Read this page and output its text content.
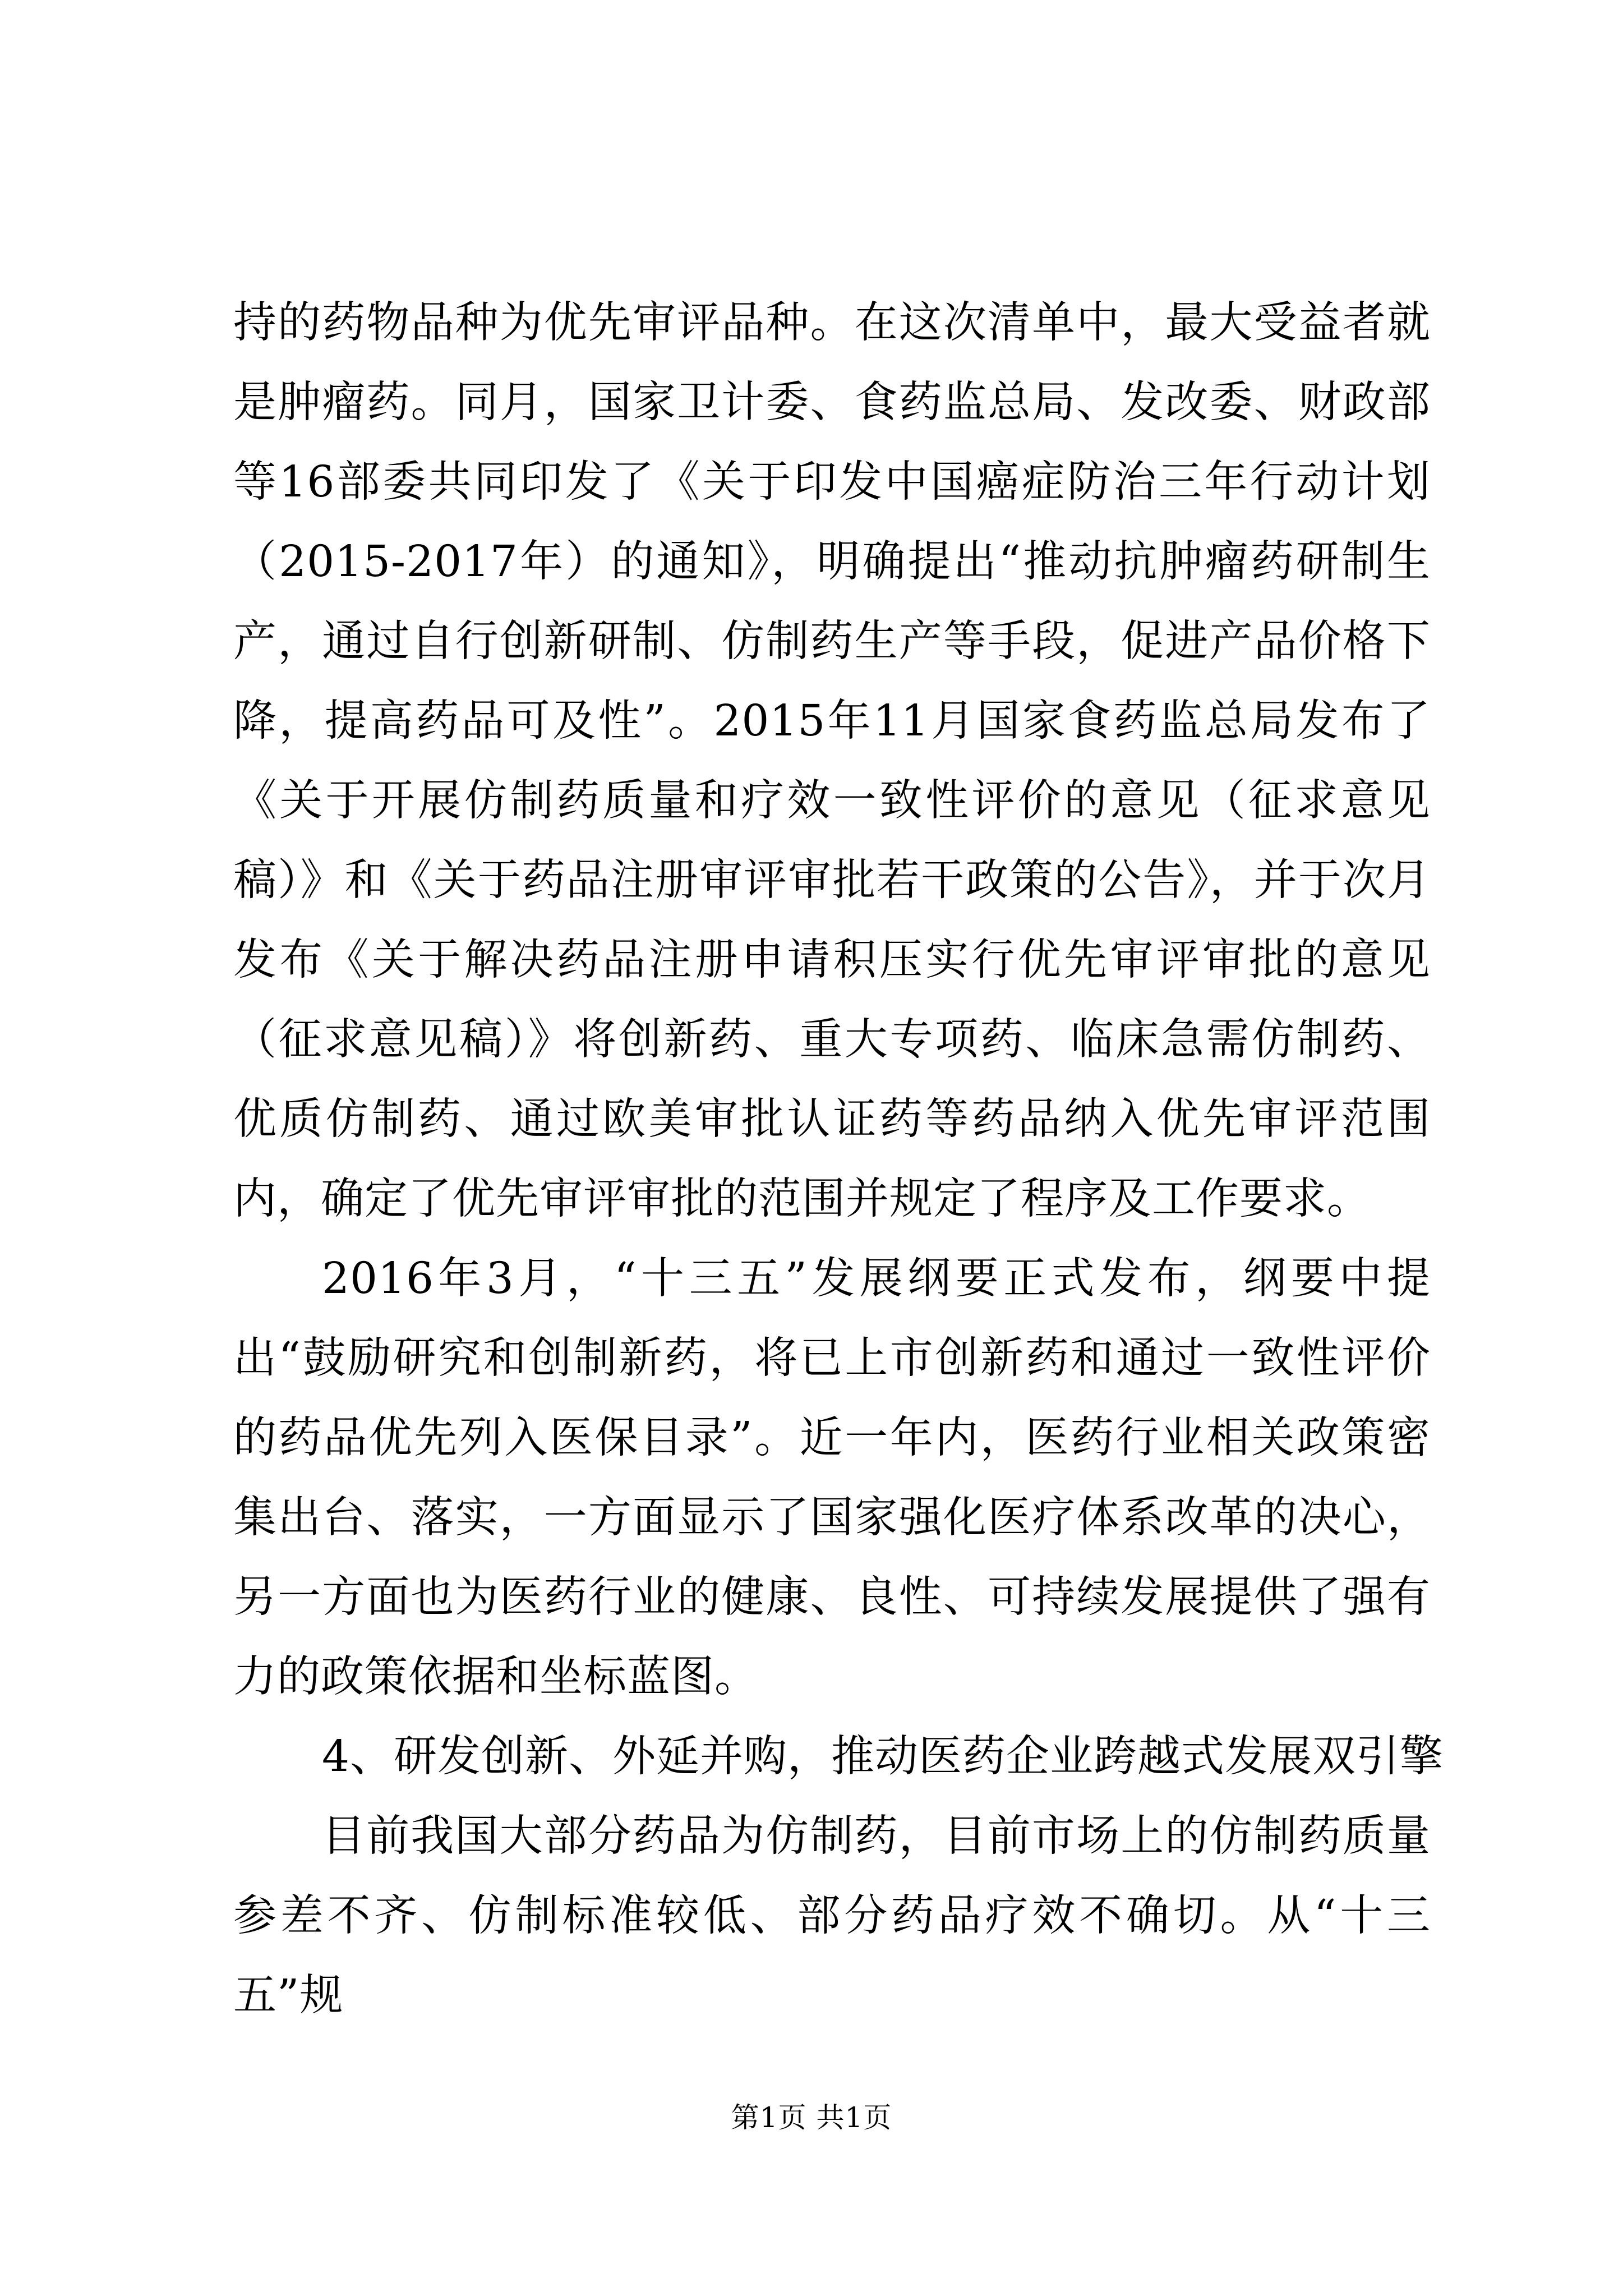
持的药物品种为优先审评品种。在这次清单中，最大受益者就是肿瘤药。同月，国家卫计委、食药监总局、发改委、财政部等16部委共同印发了《关于印发中国癌症防治三年行动计划（2015-2017年）的通知》，明确提出“推动抗肿瘤药研制生产，通过自行创新研制、仿制药生产等手段，促进产品价格下降，提高药品可及性”。2015年11月国家食药监总局发布了《关于开展仿制药质量和疗效一致性评价的意见（征求意见稿）》和《关于药品注册审评审批若干政策的公告》，并于次月发布《关于解决药品注册申请积压实行优先审评审批的意见（征求意见稿）》将创新药、重大专项药、临床急需仿制药、优质仿制药、通过欧美审批认证药等药品纳入优先审评范围内，确定了优先审评审批的范围并规定了程序及工作要求。

2016年3月，“十三五”发展纲要正式发布，纲要中提出“鼓励研究和创制新药，将已上市创新药和通过一致性评价的药品优先列入医保目录”。近一年内，医药行业相关政策密集出台、落实，一方面显示了国家强化医疗体系改革的决心，另一方面也为医药行业的健康、良性、可持续发展提供了强有力的政策依据和坐标蓝图。

4、研发创新、外延并购，推动医药企业跨越式发展双引擎

目前我国大部分药品为仿制药，目前市场上的仿制药质量参差不齐、仿制标准较低、部分药品疗效不确切。从“十三五”规

第1页 共1页
